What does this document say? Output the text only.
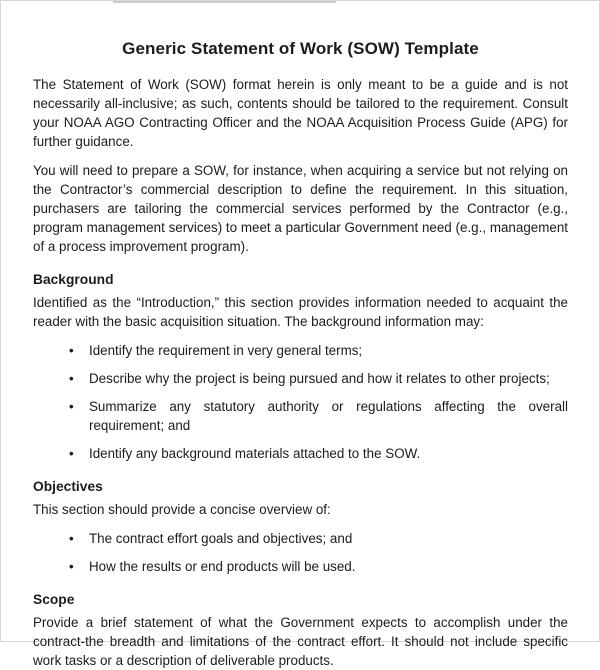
Generic Statement of Work (SOW) Template

The Statement of Work (SOW) format herein is only meant to be a guide and is not necessarily all-inclusive; as such, contents should be tailored to the requirement. Consult your NOAA AGO Contracting Officer and the NOAA Acquisition Process Guide (APG) for further guidance.

You will need to prepare a SOW, for instance, when acquiring a service but not relying on the Contractor’s commercial description to define the requirement. In this situation, purchasers are tailoring the commercial services performed by the Contractor (e.g., program management services) to meet a particular Government need (e.g., management of a process improvement program).

Background

Identified as the “Introduction,” this section provides information needed to acquaint the reader with the basic acquisition situation. The background information may:

•	Identify the requirement in very general terms;
•	Describe why the project is being pursued and how it relates to other projects;
•	Summarize any statutory authority or regulations affecting the overall requirement; and
•	Identify any background materials attached to the SOW.
Objectives

This section should provide a concise overview of:

•	The contract effort goals and objectives; and
•	How the results or end products will be used.
Scope

Provide a brief statement of what the Government expects to accomplish under the contract-the breadth and limitations of the contract effort. It should not include specific work tasks or a description of deliverable products.
